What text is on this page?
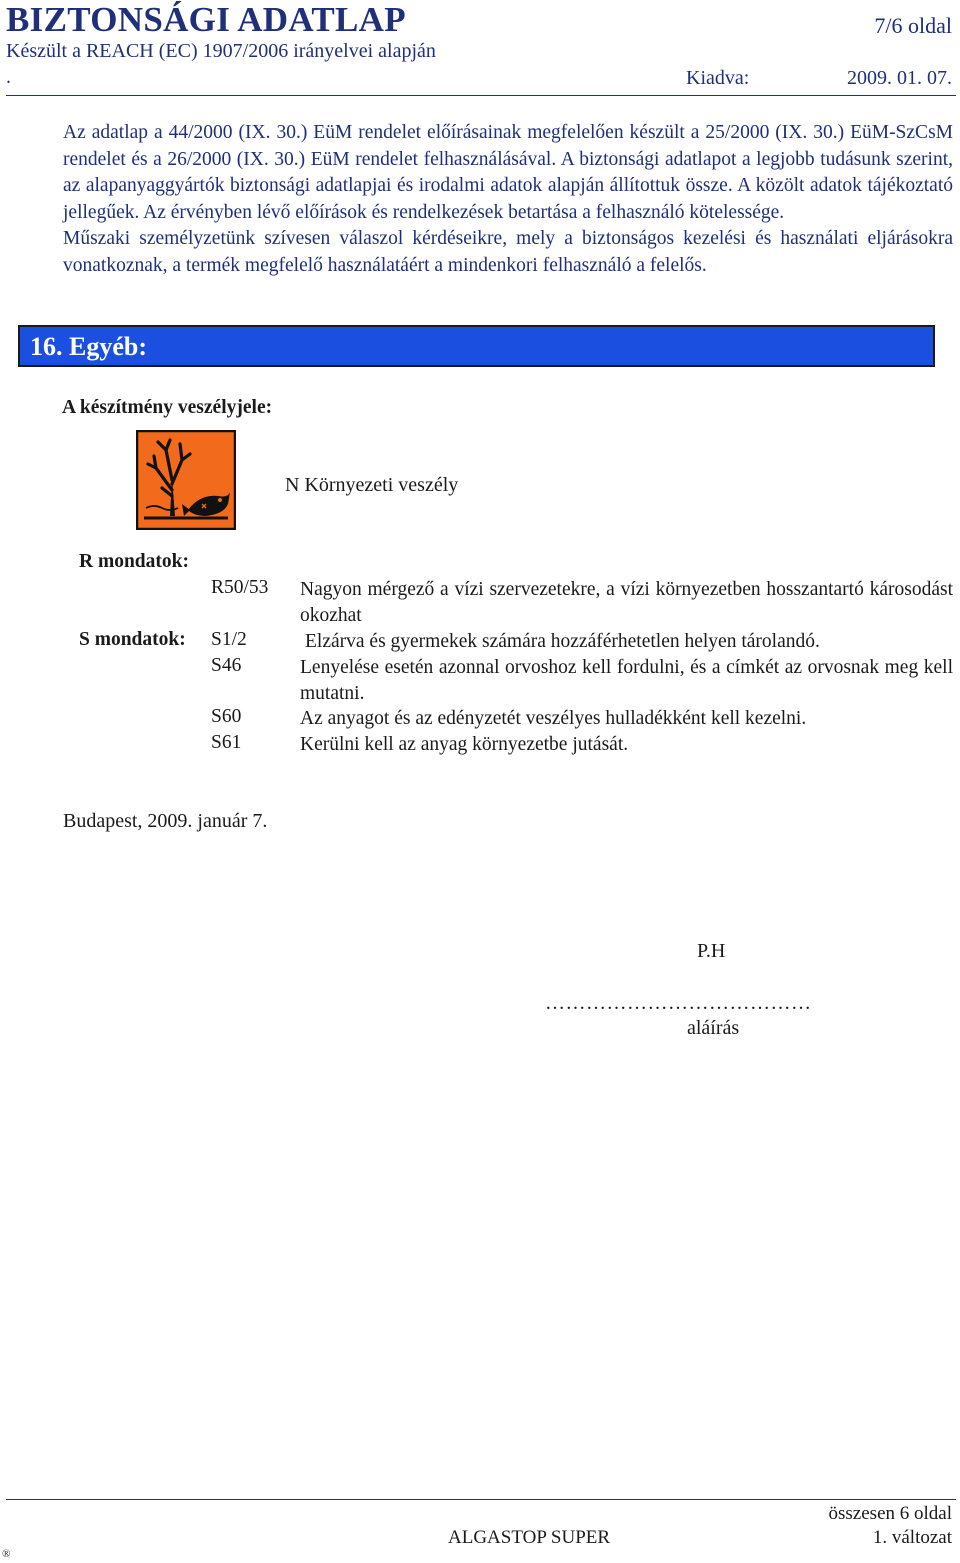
BIZTONSÁGI ADATLAP	7/6 oldal
Készült a REACH (EC) 1907/2006 irányelvei alapján
.	Kiadva:	2009. 01. 07.

Az adatlap a 44/2000 (IX. 30.) EüM rendelet előírásainak megfelelően készült a 25/2000 (IX. 30.) EüM-SzCsM rendelet és a 26/2000 (IX. 30.) EüM rendelet felhasználásával. A biztonsági adatlapot a legjobb tudásunk szerint, az alapanyaggyártók biztonsági adatlapjai és irodalmi adatok alapján állítottuk össze. A közölt adatok tájékoztató jellegűek. Az érvényben lévő előírások és rendelkezések betartása a felhasználó kötelessége.

Műszaki személyzetünk szívesen válaszol kérdéseikre, mely a biztonságos kezelési és használati eljárásokra vonatkoznak, a termék megfelelő használatáért a mindenkori felhasználó a felelős.

16. Egyéb:
A készítmény veszélyjele:
N Környezeti veszély
R mondatok:
R50/53 Nagyon mérgező a vízi szervezetekre, a vízi környezetben hosszantartó károsodást okozhat
S mondatok: S1/2	Elzárva és gyermekek számára hozzáférhetetlen helyen tárolandó.
S46	Lenyelése esetén azonnal orvoshoz kell fordulni, és a címkét az orvosnak meg kell mutatni.
S60	Az anyagot és az edényzetét veszélyes hulladékként kell kezelni.
S61	Kerülni kell az anyag környezetbe jutását.
Budapest, 2009. január 7.
P.H
…………………………………
aláírás
összesen 6 oldal
ALGASTOP SUPER	1. változat
®
